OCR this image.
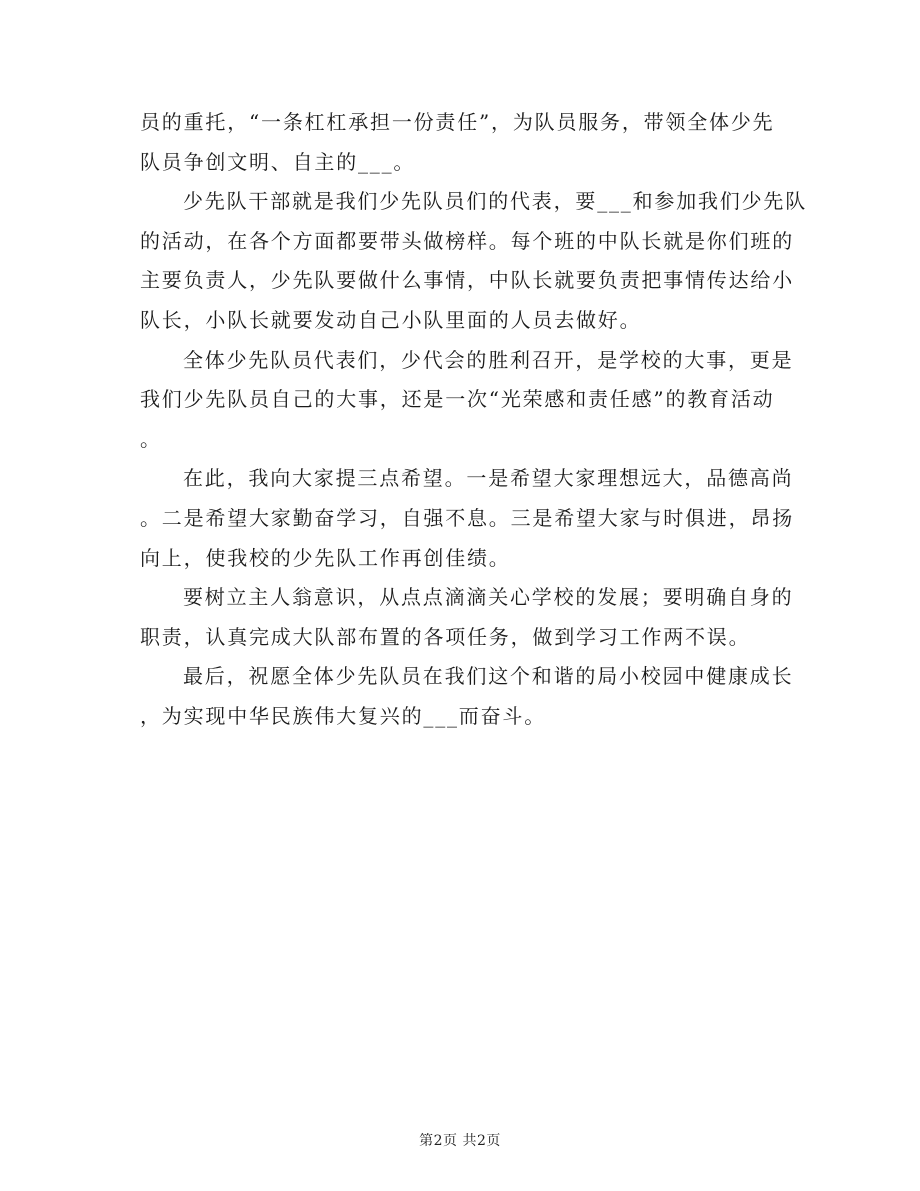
员的重托，“一条杠杠承担一份责任”，为队员服务，带领全体少先
队员争创文明、自主的___。

少先队干部就是我们少先队员们的代表，要___和参加我们少先队
的活动，在各个方面都要带头做榜样。每个班的中队长就是你们班的
主要负责人，少先队要做什么事情，中队长就要负责把事情传达给小
队长，小队长就要发动自己小队里面的人员去做好。

全体少先队员代表们，少代会的胜利召开，是学校的大事，更是
我们少先队员自己的大事，还是一次“光荣感和责任感”的教育活动
。

在此，我向大家提三点希望。一是希望大家理想远大，品德高尚
。二是希望大家勤奋学习，自强不息。三是希望大家与时俱进，昂扬
向上，使我校的少先队工作再创佳绩。

要树立主人翁意识，从点点滴滴关心学校的发展；要明确自身的
职责，认真完成大队部布置的各项任务，做到学习工作两不误。

最后，祝愿全体少先队员在我们这个和谐的局小校园中健康成长
，为实现中华民族伟大复兴的___而奋斗。

第2页 共2页
